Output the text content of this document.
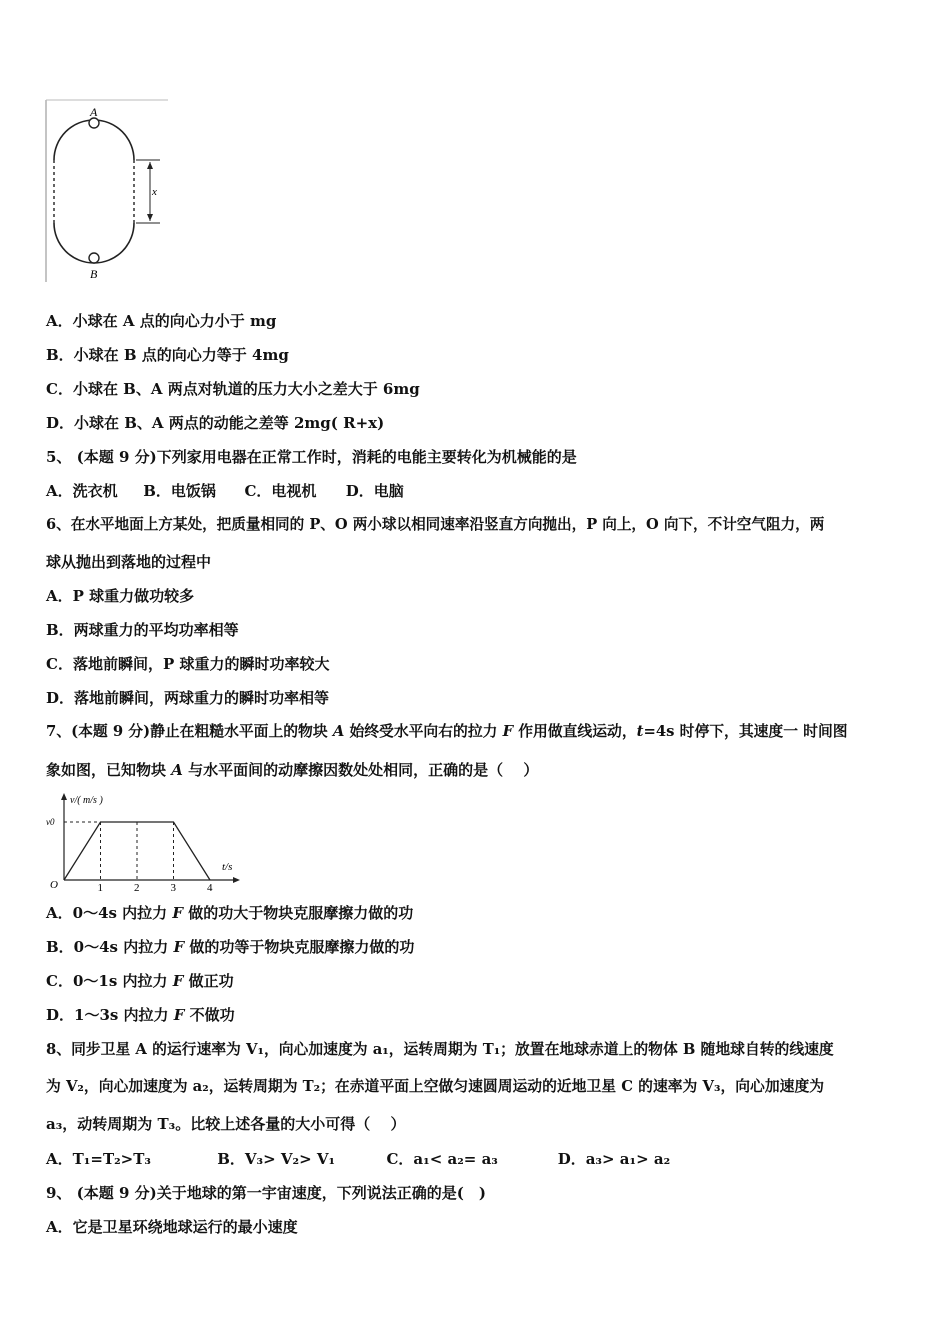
A
B
x
A．小球在 A 点的向心力小于 mg
B．小球在 B 点的向心力等于 4mg
C．小球在 B、A 两点对轨道的压力大小之差大于 6mg
D．小球在 B、A 两点的动能之差等 2mg( R+x)
5、 (本题 9 分)下列家用电器在正常工作时，消耗的电能主要转化为机械能的是
A．洗衣机 B．电饭锅 C．电视机 D．电脑
6、在水平地面上方某处，把质量相同的 P、O 两小球以相同速率沿竖直方向抛出，P 向上，O 向下，不计空气阻力，两
球从抛出到落地的过程中
A．P 球重力做功较多
B．两球重力的平均功率相等
C．落地前瞬间，P 球重力的瞬时功率较大
D．落地前瞬间，两球重力的瞬时功率相等
7、(本题 9 分)静止在粗糙水平面上的物块 A 始终受水平向右的拉力 F 作用做直线运动，t=4s 时停下，其速度一 时间图
象如图，已知物块 A 与水平面间的动摩擦因数处处相同，正确的是（　 ）
v/( m/s )
t/s
O
v0
1	2	3	4
A．0～4s 内拉力 F 做的功大于物块克服摩擦力做的功
B．0～4s 内拉力 F 做的功等于物块克服摩擦力做的功
C．0～1s 内拉力 F 做正功
D．1～3s 内拉力 F 不做功
8、同步卫星 A 的运行速率为 V₁，向心加速度为 a₁，运转周期为 T₁；放置在地球赤道上的物体 B 随地球自转的线速度
为 V₂，向心加速度为 a₂，运转周期为 T₂；在赤道平面上空做匀速圆周运动的近地卫星 C 的速率为 V₃，向心加速度为
a₃，动转周期为 T₃。比较上述各量的大小可得（　 ）
A．T₁=T₂>T₃	B．V₃> V₂> V₁	C．a₁< a₂= a₃	D．a₃> a₁> a₂
9、 (本题 9 分)关于地球的第一宇宙速度，下列说法正确的是(　)
A．它是卫星环绕地球运行的最小速度
